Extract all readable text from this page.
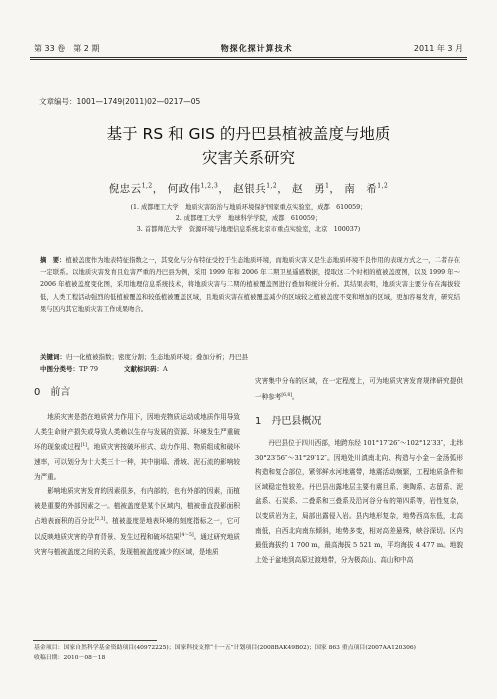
第 33 卷　第 2 期	物探化探计算技术	2011 年 3 月
文章编号：1001—1749(2011)02—0217—05
基于 RS 和 GIS 的丹巴县植被盖度与地质
灾害关系研究
倪忠云$^{1,2}$， 何政伟$^{1,2,3}$， 赵银兵$^{1,2}$， 赵　勇$^1$， 南　希$^{1,2}$
(1. 成都理工大学　地质灾害防治与地质环境保护国家重点实验室，成都　610059；
2. 成都理工大学　地球科学学院，成都　610059；
3. 首都师范大学　资源环境与地理信息系统北京市重点实验室，北京　100037)
摘　要：植被盖度作为地表特征指数之一，其变化与分布特征受控于生态地质环境，而地质灾害又是生态地质环境不良作用的表现方式之一，二者存在一定联系。以地质灾害发育且危害严重的丹巴县为例，采用 1999 年和 2006 年二期卫星遥感数据，提取这二个时相的植被盖度图，以及 1999 年～2006 年植被盖度变化图，采用地理信息系统技术，将地质灾害与二期的植被覆盖图进行叠加和统计分析。其结果表明，地质灾害主要分布在海拔较低，人类工程活动强烈的低植被覆盖和较低植被覆盖区域，且地质灾害在植被覆盖减少的区域较之植被盖度不变和增加的区域，更加容易发育，研究结果与区内其它地质灾害工作成果吻合。
关键词：归一化植被指数；密度分割；生态地质环境；叠加分析；丹巴县
中图分类号：TP 79	文献标识码：A
0　前言

地质灾害是指在地质营力作用下，因地壳物质运动或地质作用导致人类生命财产损失或导致人类赖以生存与发展的资源、环境发生严重破坏的现象或过程[1]。地质灾害按破坏形式、动力作用、物质组成和破坏速率，可以划分为十大类三十一种，其中崩塌、滑坡、泥石流的影响较为严重。

影响地质灾害发育的因素很多，有内部的，也有外部的因素，而植被是重要的外部因素之一。植被盖度是某个区域内，植被垂直投影面积占地表面积的百分比[2,3]。植被盖度是地表环境的刻度指标之一，它可以反映地质灾害的孕育背景、发生过程和破坏结果[4～5]。通过研究地质灾害与植被盖度之间的关系，发现植被盖度减少的区域，是地质

灾害集中分布的区域，在一定程度上，可为地质灾害发育规律研究提供一种参考[6,8]。
1　丹巴县概况

丹巴县位于四川西部，地跨东经 101°17′26″～102°12′33″，北纬 30°23′56″～31°29′12″。因地处川滇南北向、构造与小金－金汤弧形构造和复合部位，紧邻鲜水河地震带，地震活动频繁，工程地质条件和区域稳定性较差。丹巴县出露地层主要有震旦系、奥陶系、志留系、泥盆系、石炭系、二叠系和三叠系及沿河谷分布的第四系等，岩性复杂，以变质岩为主，局部出露侵入岩。县内地形复杂，地势西高东低，北高南低，自西北向南东倾斜，地势多变，相对高差悬殊，峡谷深切。区内最低海拔约 1 700 m，最高海拔 5 521 m，平均海拔 4 477 m。地貌上处于盆地到高原过渡地带，分为极高山、高山和中高

基金项目：国家自然科学基金资助项目(40972225)；国家科技支撑“十一五”计划项目(2008BAK49B02)；国家 863 重点项目(2007AA120306)
收稿日期：2010－08－18
